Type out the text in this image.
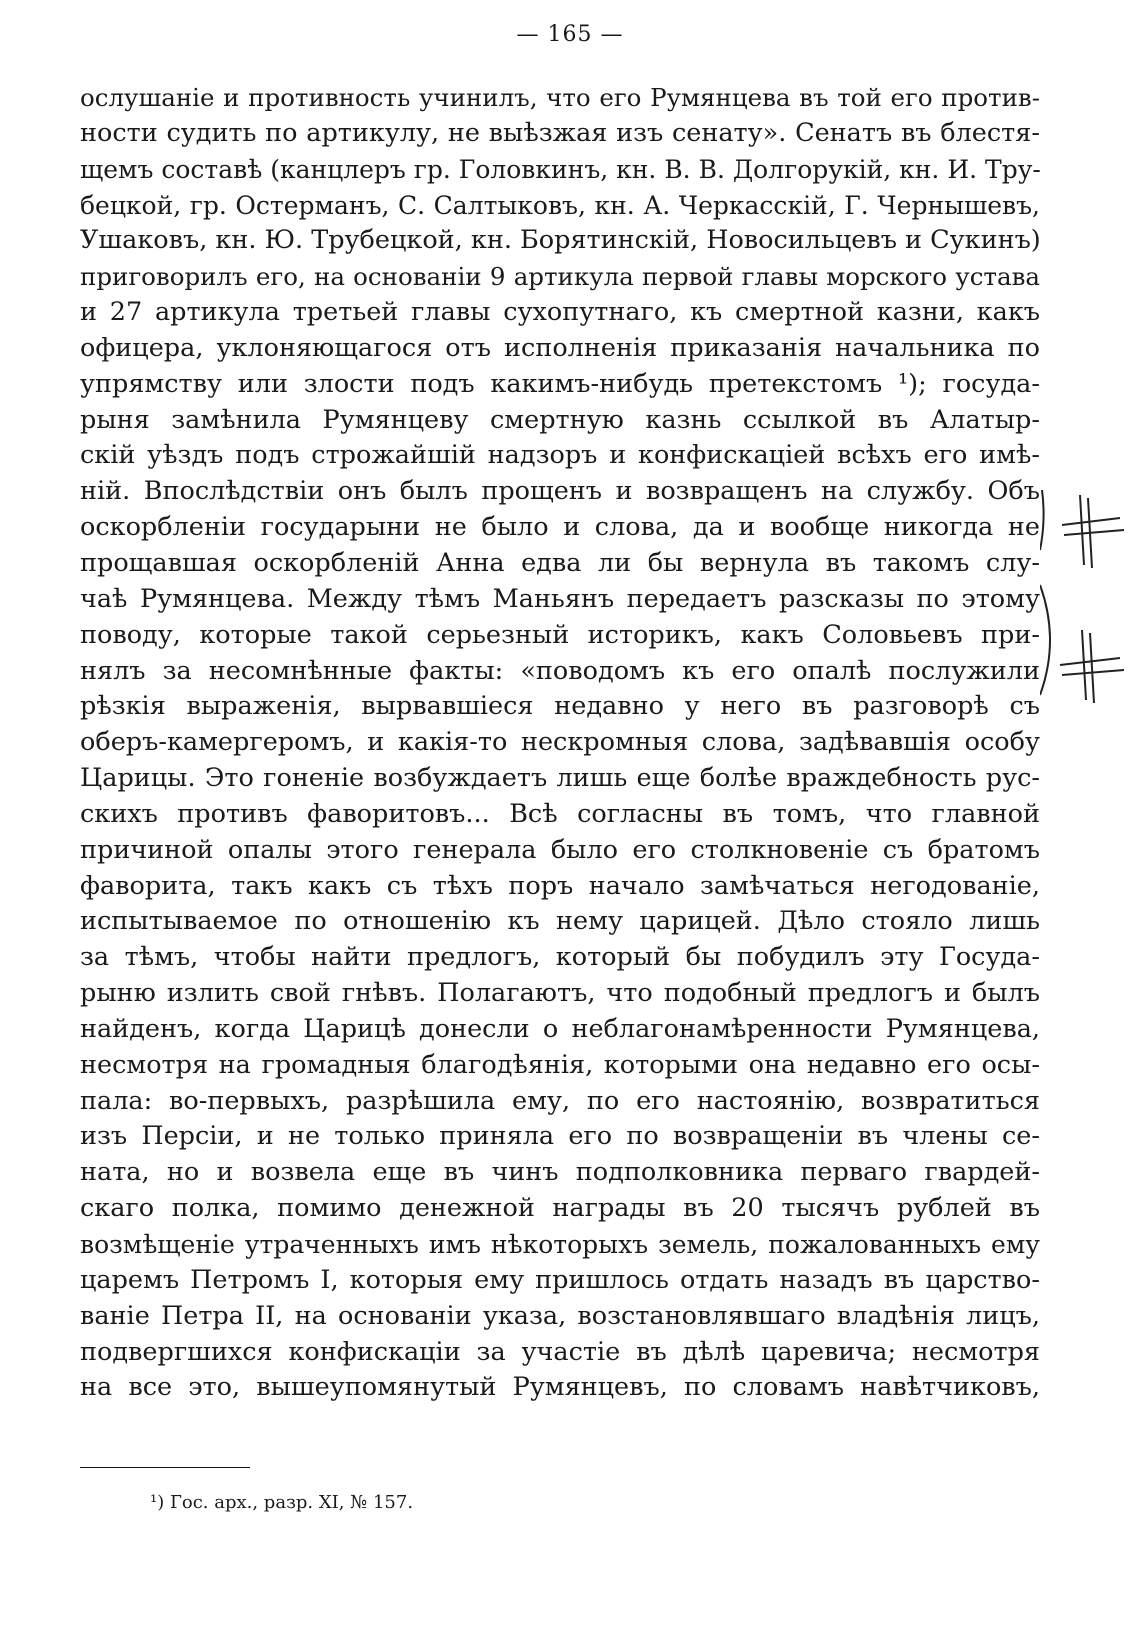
— 165 —
ослушаніе и противность учинилъ, что его Румянцева въ той его против-
ности судить по артикулу, не выѣзжая изъ сенату». Сенатъ въ блестя-
щемъ составѣ (канцлеръ гр. Головкинъ, кн. В. В. Долгорукій, кн. И. Тру-
бецкой, гр. Остерманъ, С. Салтыковъ, кн. А. Черкасскій, Г. Чернышевъ,
Ушаковъ, кн. Ю. Трубецкой, кн. Борятинскій, Новосильцевъ и Сукинъ)
приговорилъ его, на основаніи 9 артикула первой главы морского устава
и 27 артикула третьей главы сухопутнаго, къ смертной казни, какъ
офицера, уклоняющагося отъ исполненія приказанія начальника по
упрямству или злости подъ какимъ-нибудь претекстомъ ¹); госуда-
рыня замѣнила Румянцеву смертную казнь ссылкой въ Алатыр-
скій уѣздъ подъ строжайшій надзоръ и конфискаціей всѣхъ его имѣ-
ній. Впослѣдствіи онъ былъ прощенъ и возвращенъ на службу. Объ
оскорбленіи государыни не было и слова, да и вообще никогда не
прощавшая оскорбленій Анна едва ли бы вернула въ такомъ слу-
чаѣ Румянцева. Между тѣмъ Маньянъ передаетъ разсказы по этому
поводу, которые такой серьезный историкъ, какъ Соловьевъ при-
нялъ за несомнѣнные факты: «поводомъ къ его опалѣ послужили
рѣзкія выраженія, вырвавшіеся недавно у него въ разговорѣ съ
оберъ-камергеромъ, и какія-то нескромныя слова, задѣвавшія особу
Царицы. Это гоненіе возбуждаетъ лишь еще болѣе враждебность рус-
скихъ противъ фаворитовъ... Всѣ согласны въ томъ, что главной
причиной опалы этого генерала было его столкновеніе съ братомъ
фаворита, такъ какъ съ тѣхъ поръ начало замѣчаться негодованіе,
испытываемое по отношенію къ нему царицей. Дѣло стояло лишь
за тѣмъ, чтобы найти предлогъ, который бы побудилъ эту Госуда-
рыню излить свой гнѣвъ. Полагаютъ, что подобный предлогъ и былъ
найденъ, когда Царицѣ донесли о неблагонамѣренности Румянцева,
несмотря на громадныя благодѣянія, которыми она недавно его осы-
пала: во-первыхъ, разрѣшила ему, по его настоянію, возвратиться
изъ Персіи, и не только приняла его по возвращеніи въ члены се-
ната, но и возвела еще въ чинъ подполковника перваго гвардей-
скаго полка, помимо денежной награды въ 20 тысячъ рублей въ
возмѣщеніе утраченныхъ имъ нѣкоторыхъ земель, пожалованныхъ ему
царемъ Петромъ I, которыя ему пришлось отдать назадъ въ царство-
ваніе Петра II, на основаніи указа, возстановлявшаго владѣнія лицъ,
подвергшихся конфискаціи за участіе въ дѣлѣ царевича; несмотря
на все это, вышеупомянутый Румянцевъ, по словамъ навѣтчиковъ,
¹) Гос. арх., разр. XI, № 157.
